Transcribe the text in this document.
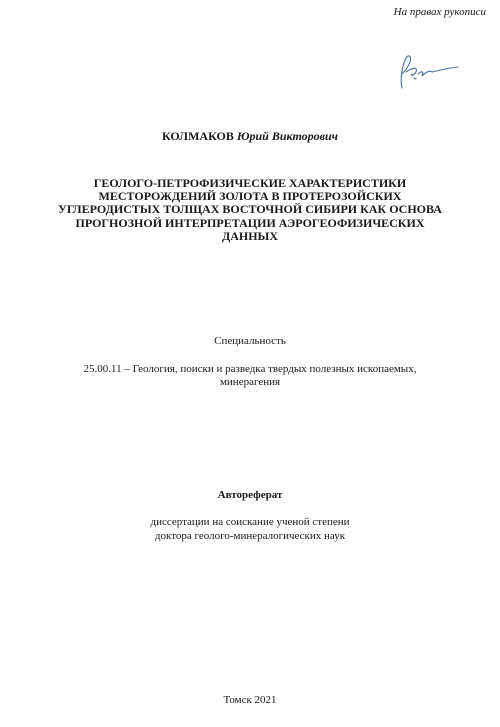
На правах рукописи
КОЛМАКОВ Юрий Викторович
ГЕОЛОГО-ПЕТРОФИЗИЧЕСКИЕ ХАРАКТЕРИСТИКИ
МЕСТОРОЖДЕНИЙ ЗОЛОТА В ПРОТЕРОЗОЙСКИХ
УГЛЕРОДИСТЫХ ТОЛЩАХ ВОСТОЧНОЙ СИБИРИ КАК ОСНОВА
ПРОГНОЗНОЙ ИНТЕРПРЕТАЦИИ АЭРОГЕОФИЗИЧЕСКИХ
ДАННЫХ
Специальность
25.00.11 – Геология, поиски и разведка твердых полезных ископаемых,
минерагения
Автореферат
диссертации на соискание ученой степени
доктора геолого-минералогических наук
Томск 2021
